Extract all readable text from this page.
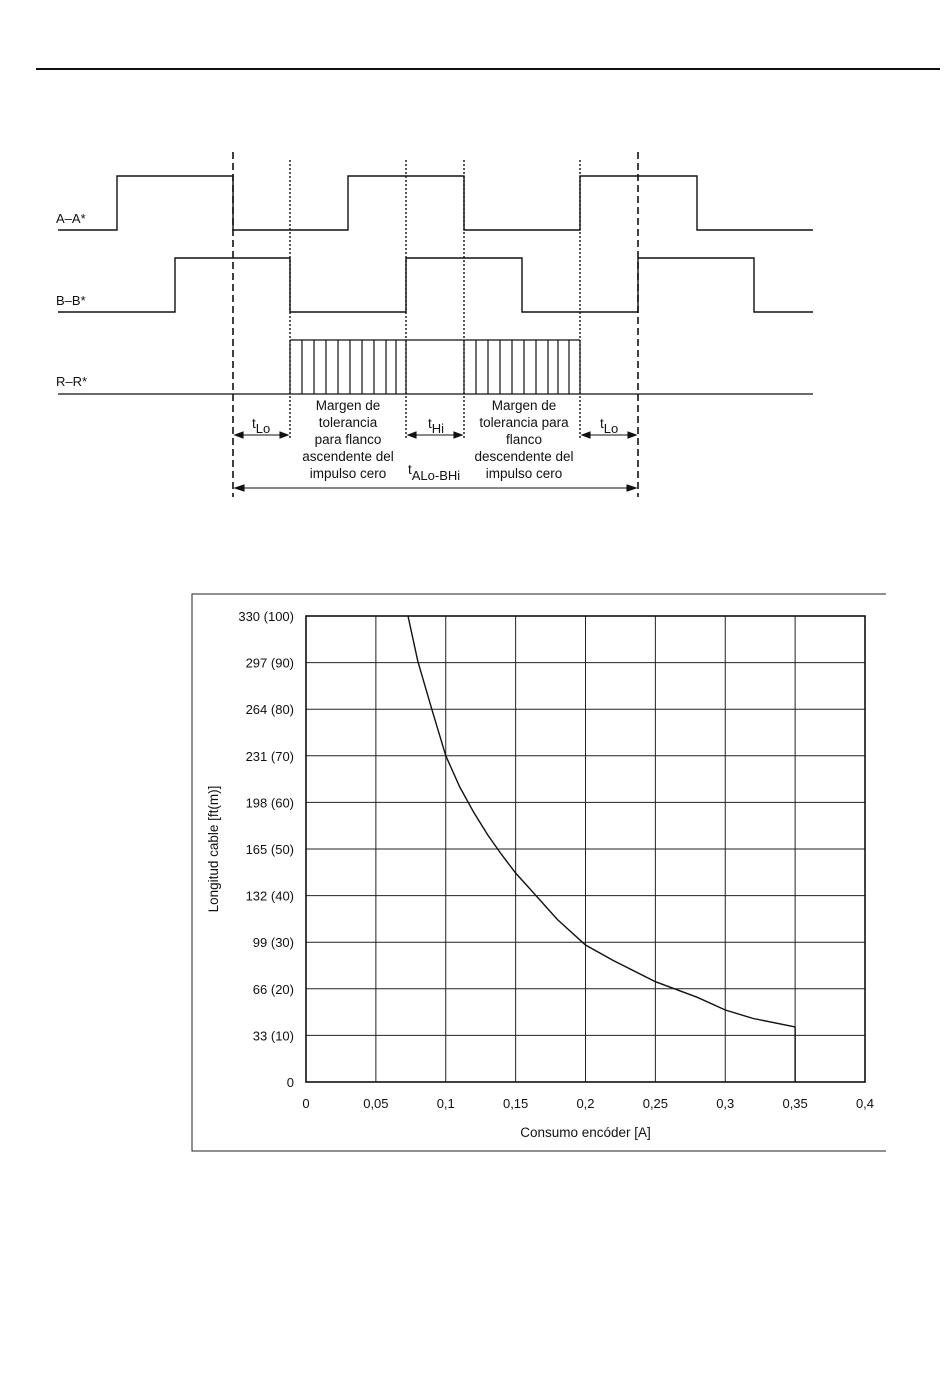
A–A*
B–B*
R–R*
tLo	tHi	tLo
tALo-BHi
Margen de
tolerancia
para flanco
ascendente del
impulso cero
Margen de
tolerancia para
flanco
descendente del
impulso cero
0	0,05	0,1	0,15	0,2	0,25	0,3	0,35	0,4
0
33 (10)
66 (20)
99 (30)
132 (40)
165 (50)
198 (60)
231 (70)
264 (80)
297 (90)
330 (100)
Consumo encóder [A]
Longitud cable [ft(m)]
